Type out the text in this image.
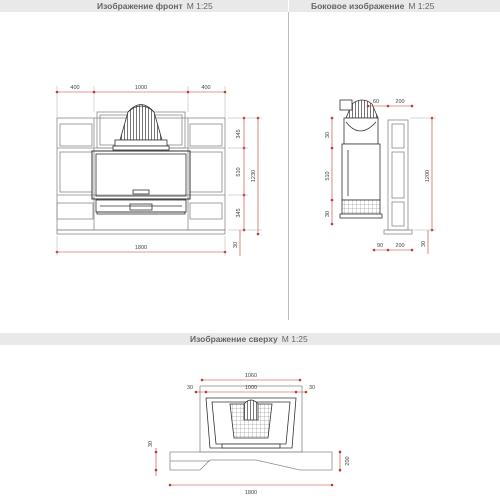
Изображение фронт M 1:25	Боковое изображение M 1:25
Изображение сверху M 1:25
400	1000	400
345
510
345
1230
1800	30
60	200
30
510
30
1200
90 200	30
1060
1000
30	30
30
200
1800
